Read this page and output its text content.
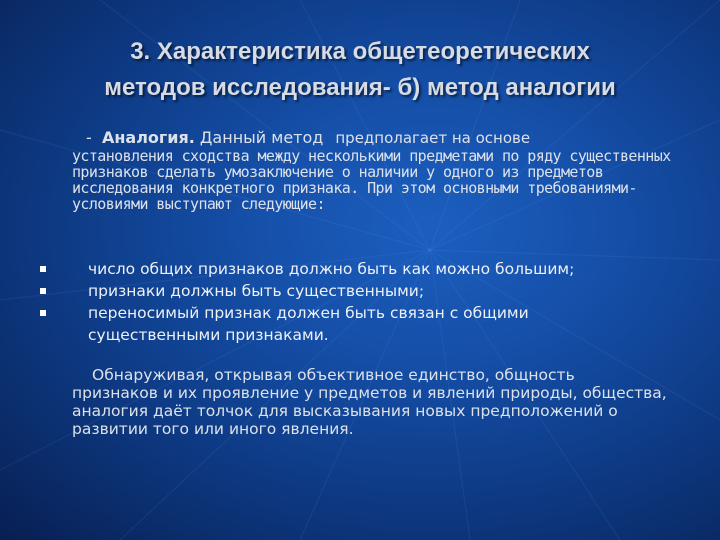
3. Характеристика общетеоретических
методов исследования- б) метод аналогии
- Аналогия. Данный метод предполагает на основе
установления сходства между несколькими предметами по ряду существенных признаков сделать умозаключение о наличии у одного из предметов исследования конкретного признака. При этом основными требованиями-условиями выступают следующие:
число общих признаков должно быть как можно большим;
признаки должны быть существенными;
переносимый признак должен быть связан с общими
существенными признаками.
Обнаруживая, открывая объективное единство, общность
признаков и их проявление у предметов и явлений природы, общества, аналогия даёт толчок для высказывания новых предположений о развитии того или иного явления.
